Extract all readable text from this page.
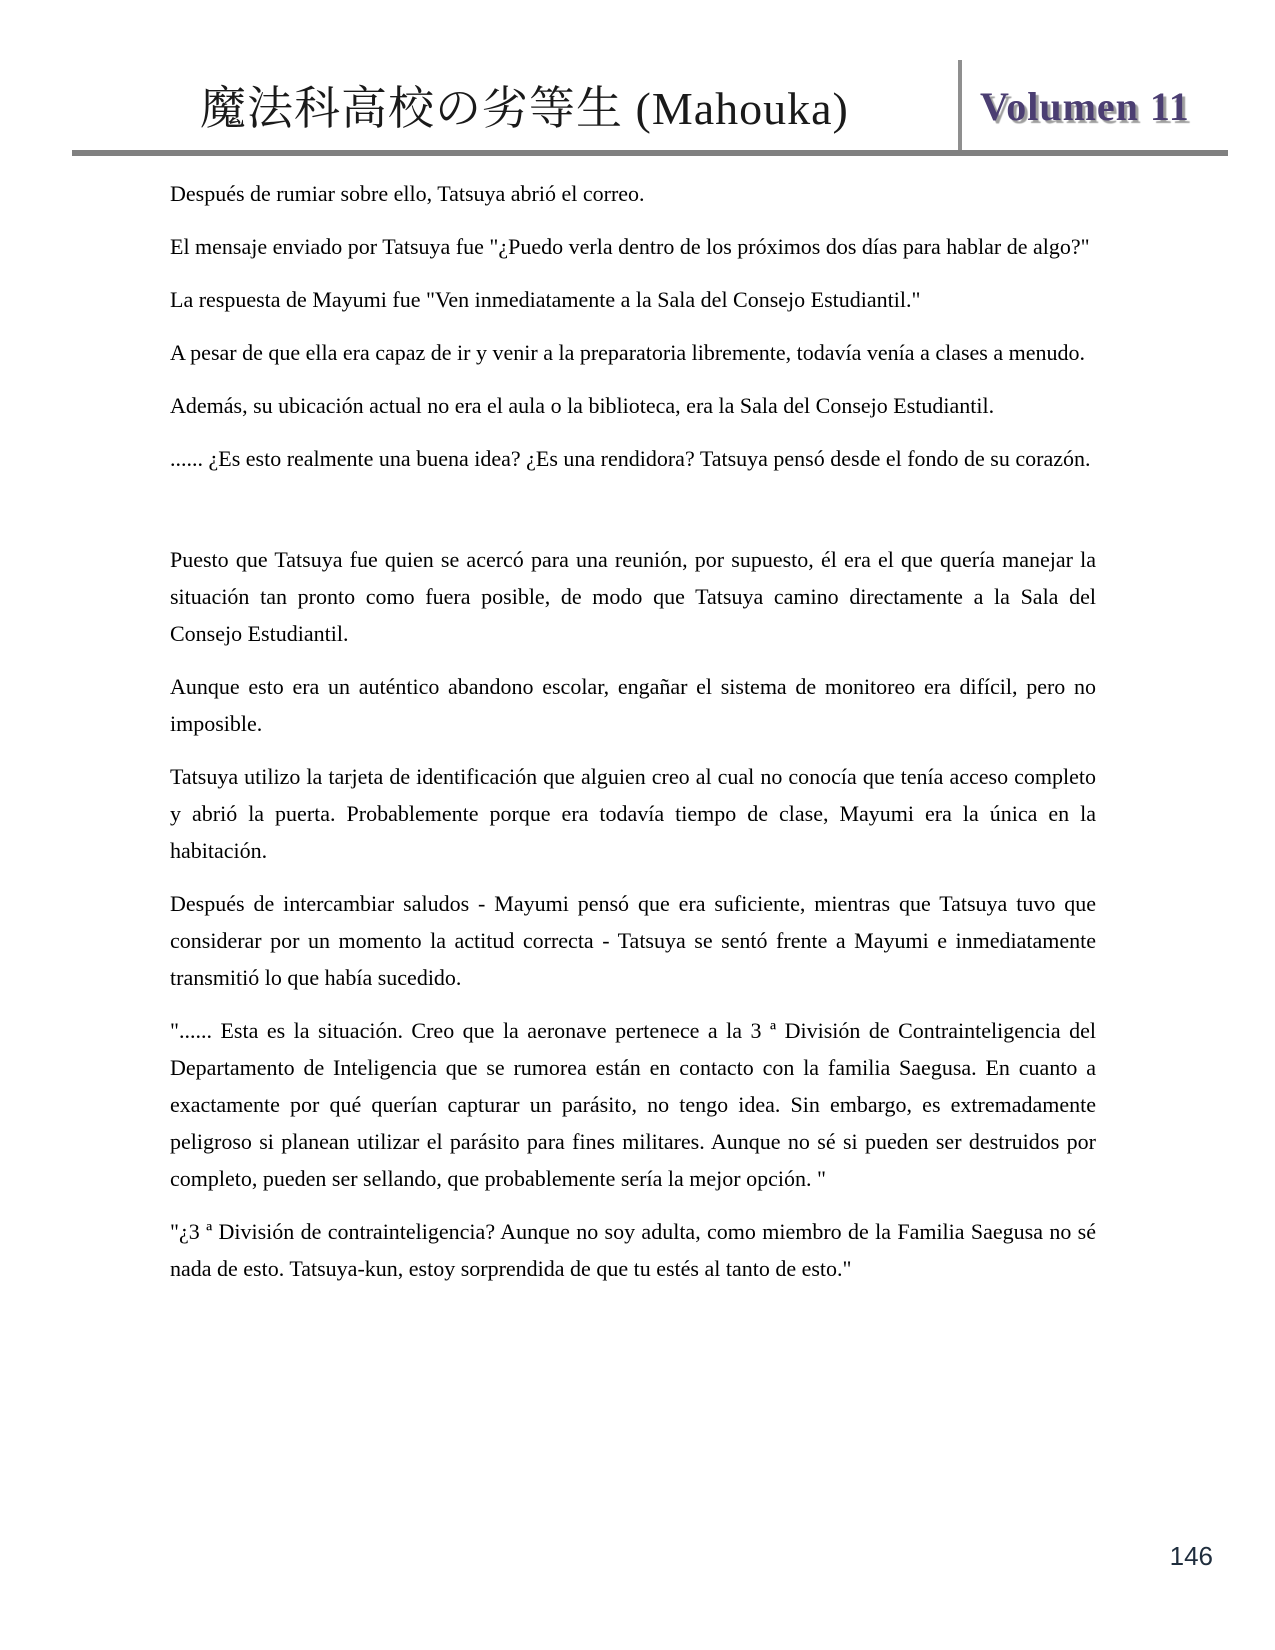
魔法科高校の劣等生 (Mahouka)	Volumen 11

Después de rumiar sobre ello, Tatsuya abrió el correo.

El mensaje enviado por Tatsuya fue "¿Puedo verla dentro de los próximos dos días para hablar de algo?"

La respuesta de Mayumi fue "Ven inmediatamente a la Sala del Consejo Estudiantil."

A pesar de que ella era capaz de ir y venir a la preparatoria libremente, todavía venía a clases a menudo.

Además, su ubicación actual no era el aula o la biblioteca, era la Sala del Consejo Estudiantil.

...... ¿Es esto realmente una buena idea? ¿Es una rendidora? Tatsuya pensó desde el fondo de su corazón.

Puesto que Tatsuya fue quien se acercó para una reunión, por supuesto, él era el que quería manejar la situación tan pronto como fuera posible, de modo que Tatsuya camino directamente a la Sala del Consejo Estudiantil.

Aunque esto era un auténtico abandono escolar, engañar el sistema de monitoreo era difícil, pero no imposible.

Tatsuya utilizo la tarjeta de identificación que alguien creo al cual no conocía que tenía acceso completo y abrió la puerta. Probablemente porque era todavía tiempo de clase, Mayumi era la única en la habitación.

Después de intercambiar saludos - Mayumi pensó que era suficiente, mientras que Tatsuya tuvo que considerar por un momento la actitud correcta - Tatsuya se sentó frente a Mayumi e inmediatamente transmitió lo que había sucedido.

"...... Esta es la situación. Creo que la aeronave pertenece a la 3 ª División de Contrainteligencia del Departamento de Inteligencia que se rumorea están en contacto con la familia Saegusa. En cuanto a exactamente por qué querían capturar un parásito, no tengo idea. Sin embargo, es extremadamente peligroso si planean utilizar el parásito para fines militares. Aunque no sé si pueden ser destruidos por completo, pueden ser sellando, que probablemente sería la mejor opción. "

"¿3 ª División de contrainteligencia? Aunque no soy adulta, como miembro de la Familia Saegusa no sé nada de esto. Tatsuya-kun, estoy sorprendida de que tu estés al tanto de esto."

146
